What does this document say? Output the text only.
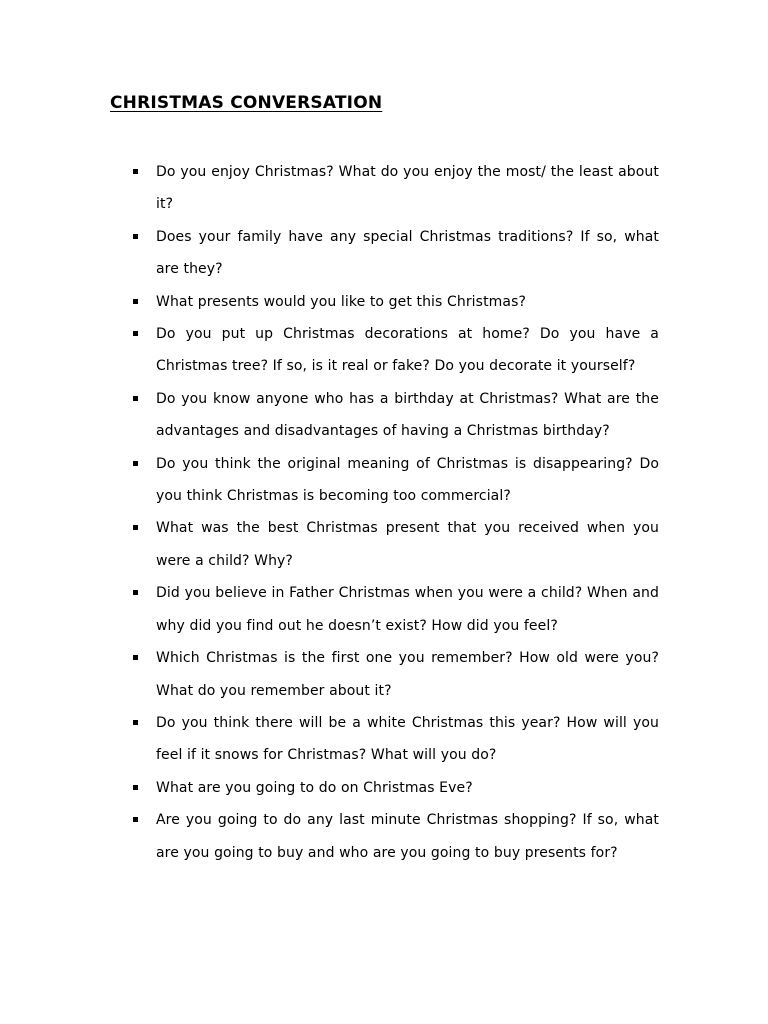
CHRISTMAS CONVERSATION
Do you enjoy Christmas? What do you enjoy the most/ the least about it?
Does your family have any special Christmas traditions? If so, what are they?
What presents would you like to get this Christmas?
Do you put up Christmas decorations at home? Do you have a Christmas tree? If so, is it real or fake? Do you decorate it yourself?
Do you know anyone who has a birthday at Christmas? What are the advantages and disadvantages of having a Christmas birthday?
Do you think the original meaning of Christmas is disappearing? Do you think Christmas is becoming too commercial?
What was the best Christmas present that you received when you were a child? Why?
Did you believe in Father Christmas when you were a child? When and why did you find out he doesn’t exist? How did you feel?
Which Christmas is the first one you remember? How old were you? What do you remember about it?
Do you think there will be a white Christmas this year? How will you feel if it snows for Christmas? What will you do?
What are you going to do on Christmas Eve?
Are you going to do any last minute Christmas shopping? If so, what are you going to buy and who are you going to buy presents for?
